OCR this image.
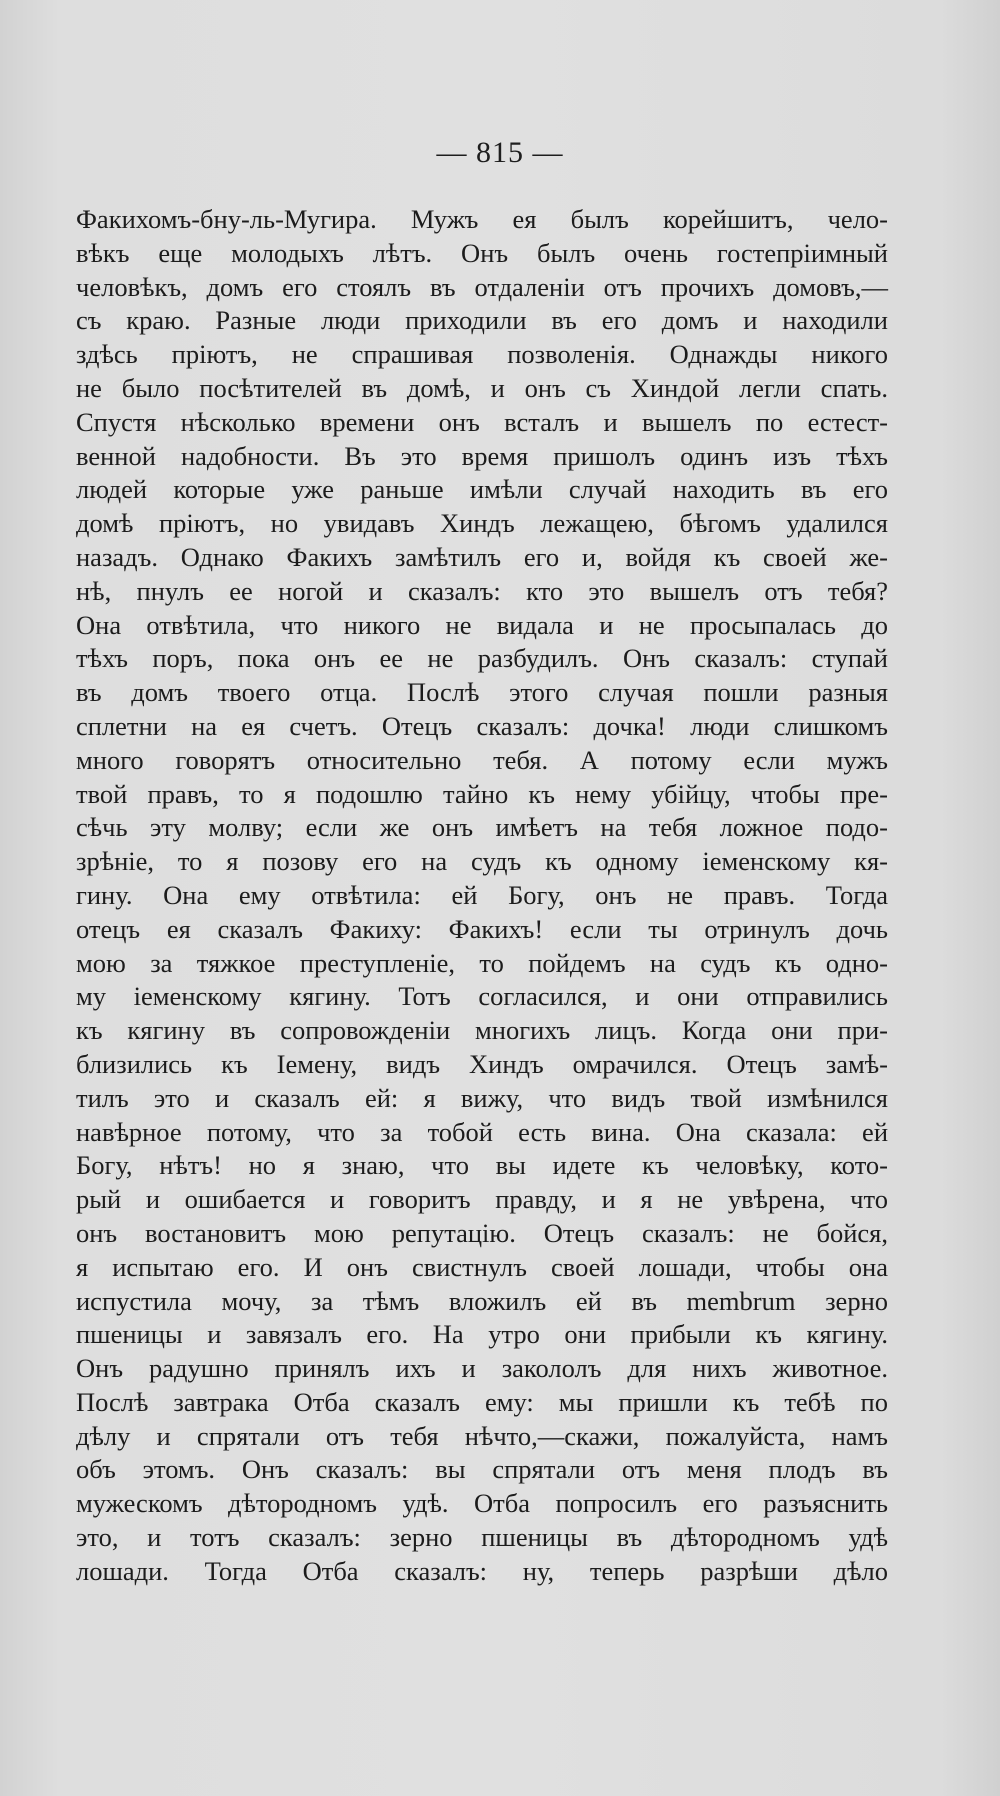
— 815 —
Факихомъ-бну-ль-Мугира. Мужъ ея былъ корейшитъ, чело-
вѣкъ еще молодыхъ лѣтъ. Онъ былъ очень гостепріимный
человѣкъ, домъ его стоялъ въ отдаленіи отъ прочихъ домовъ,—
съ краю. Разные люди приходили въ его домъ и находили
здѣсь пріютъ, не спрашивая позволенія. Однажды никого
не было посѣтителей въ домѣ, и онъ съ Хиндой легли спать.
Спустя нѣсколько времени онъ всталъ и вышелъ по естест-
венной надобности. Въ это время пришолъ одинъ изъ тѣхъ
людей которые уже раньше имѣли случай находить въ его
домѣ пріютъ, но увидавъ Хиндъ лежащею, бѣгомъ удалился
назадъ. Однако Факихъ замѣтилъ его и, войдя къ своей же-
нѣ, пнулъ ее ногой и сказалъ: кто это вышелъ отъ тебя?
Она отвѣтила, что никого не видала и не просыпалась до
тѣхъ поръ, пока онъ ее не разбудилъ. Онъ сказалъ: ступай
въ домъ твоего отца. Послѣ этого случая пошли разныя
сплетни на ея счетъ. Отецъ сказалъ: дочка! люди слишкомъ
много говорятъ относительно тебя. А потому если мужъ
твой правъ, то я подошлю тайно къ нему убійцу, чтобы пре-
сѣчь эту молву; если же онъ имѣетъ на тебя ложное подо-
зрѣніе, то я позову его на судъ къ одному іеменскому кя-
гину. Она ему отвѣтила: ей Богу, онъ не правъ. Тогда
отецъ ея сказалъ Факиху: Факихъ! если ты отринулъ дочь
мою за тяжкое преступленіе, то пойдемъ на судъ къ одно-
му іеменскому кягину. Тотъ согласился, и они отправились
къ кягину въ сопровожденіи многихъ лицъ. Когда они при-
близились къ Іемену, видъ Хиндъ омрачился. Отецъ замѣ-
тилъ это и сказалъ ей: я вижу, что видъ твой измѣнился
навѣрное потому, что за тобой есть вина. Она сказала: ей
Богу, нѣтъ! но я знаю, что вы идете къ человѣку, кото-
рый и ошибается и говоритъ правду, и я не увѣрена, что
онъ востановитъ мою репутацію. Отецъ сказалъ: не бойся,
я испытаю его. И онъ свистнулъ своей лошади, чтобы она
испустила мочу, за тѣмъ вложилъ ей въ membrum зерно
пшеницы и завязалъ его. На утро они прибыли къ кягину.
Онъ радушно принялъ ихъ и закололъ для нихъ животное.
Послѣ завтрака Отба сказалъ ему: мы пришли къ тебѣ по
дѣлу и спрятали отъ тебя нѣчто,—скажи, пожалуйста, намъ
объ этомъ. Онъ сказалъ: вы спрятали отъ меня плодъ въ
мужескомъ дѣтородномъ удѣ. Отба попросилъ его разъяснить
это, и тотъ сказалъ: зерно пшеницы въ дѣтородномъ удѣ
лошади. Тогда Отба сказалъ: ну, теперь разрѣши дѣло
